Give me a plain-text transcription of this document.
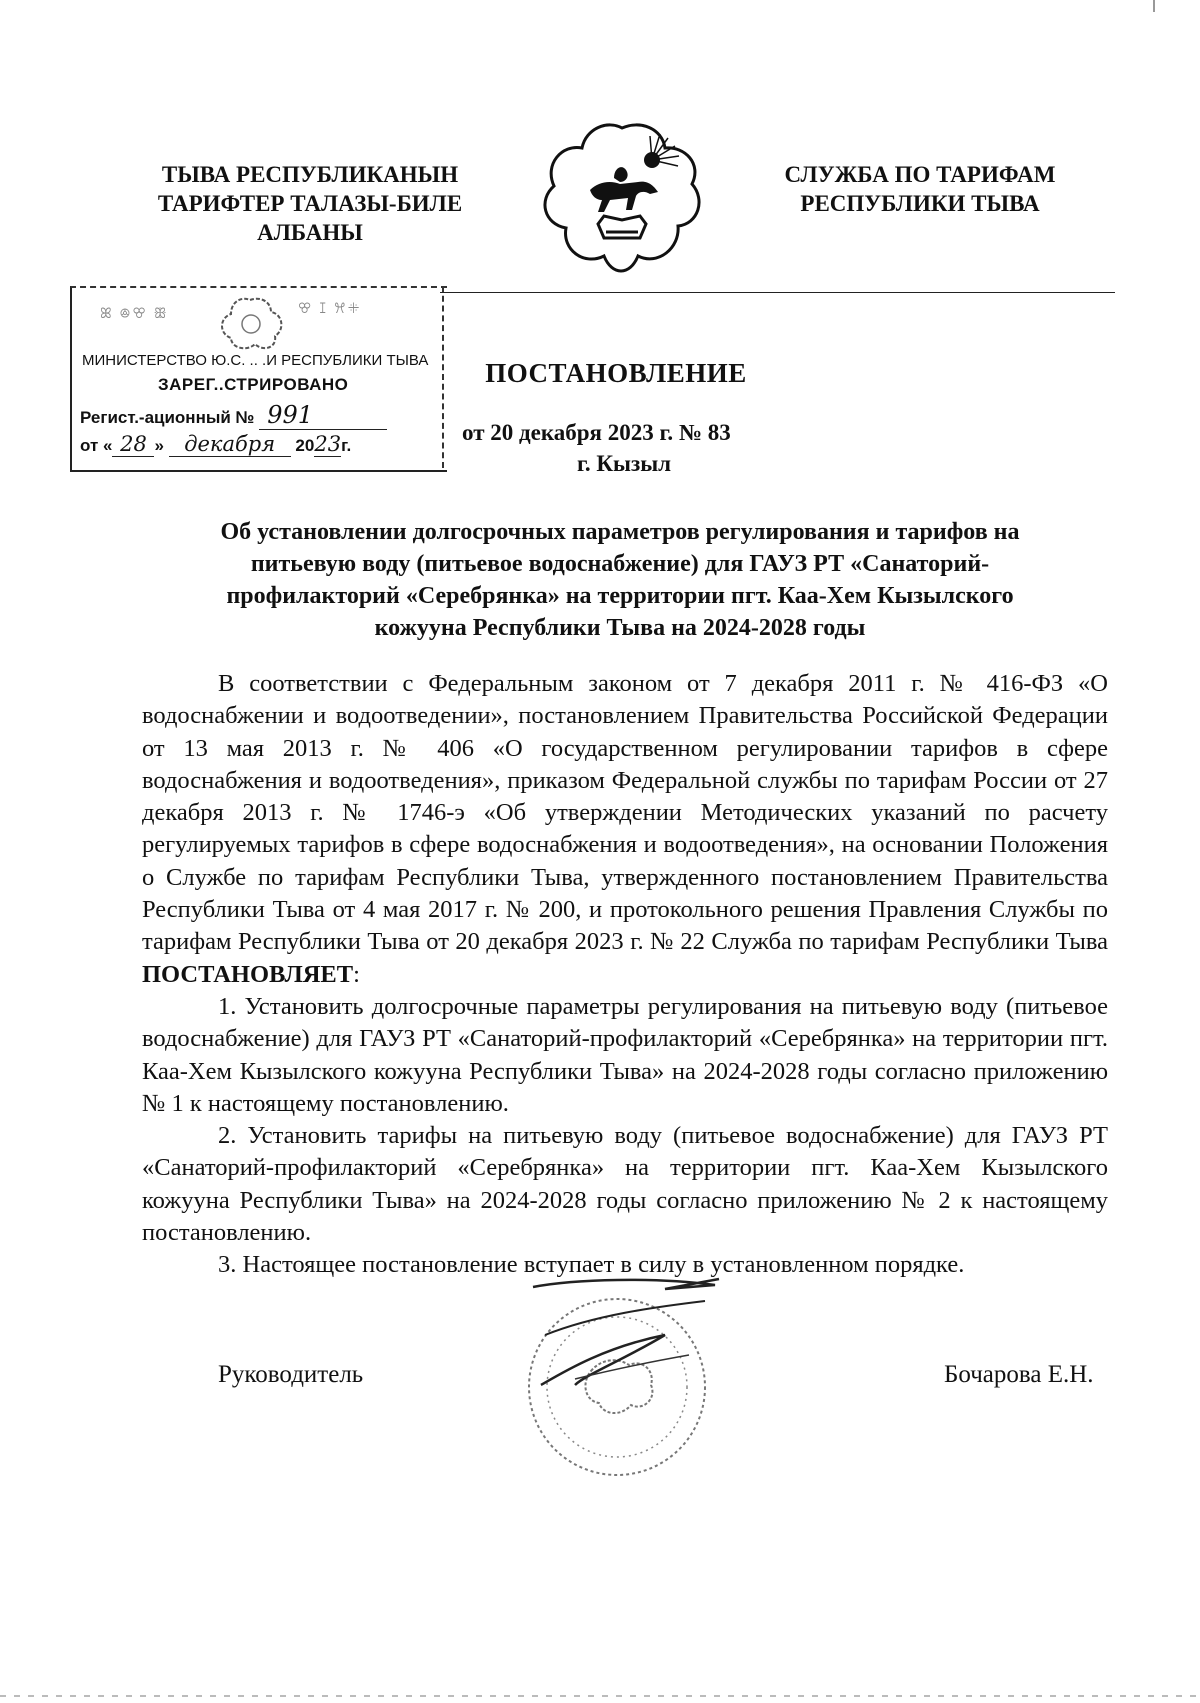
ТЫВА РЕСПУБЛИКАНЫН
ТАРИФТЕР ТАЛАЗЫ-БИЛЕ
АЛБАНЫ
СЛУЖБА ПО ТАРИФАМ
РЕСПУБЛИКИ ТЫВА
ꕤ ꔮꕢ ꕥ	ꕢ ꕯ ꕮꔰ
МИНИСТЕРСТВО Ю.С. .. .И РЕСПУБЛИКИ ТЫВА
ЗАРЕГ..СТРИРОВАНО
Регист.-ационный № 991
от « 28 » декабря 2023г.
ПОСТАНОВЛЕНИЕ
от 20 декабря 2023 г. № 83
г. Кызыл
Об установлении долгосрочных параметров регулирования и тарифов на
питьевую воду (питьевое водоснабжение) для ГАУЗ РТ «Санаторий-
профилакторий «Серебрянка» на территории пгт. Каа-Хем Кызылского
кожууна Республики Тыва на 2024-2028 годы

В соответствии с Федеральным законом от 7 декабря 2011 г. № 416-ФЗ «О водоснабжении и водоотведении», постановлением Правительства Российской Федерации от 13 мая 2013 г. № 406 «О государственном регулировании тарифов в сфере водоснабжения и водоотведения», приказом Федеральной службы по тарифам России от 27 декабря 2013 г. № 1746-э «Об утверждении Методических указаний по расчету регулируемых тарифов в сфере водоснабжения и водоотведения», на основании Положения о Службе по тарифам Республики Тыва, утвержденного постановлением Правительства Республики Тыва от 4 мая 2017 г. № 200, и протокольного решения Правления Службы по тарифам Республики Тыва от 20 декабря 2023 г. № 22 Служба по тарифам Республики Тыва ПОСТАНОВЛЯЕТ:

1. Установить долгосрочные параметры регулирования на питьевую воду (питьевое водоснабжение) для ГАУЗ РТ «Санаторий-профилакторий «Серебрянка» на территории пгт. Каа-Хем Кызылского кожууна Республики Тыва» на 2024-2028 годы согласно приложению № 1 к настоящему постановлению.

2. Установить тарифы на питьевую воду (питьевое водоснабжение) для ГАУЗ РТ «Санаторий-профилакторий «Серебрянка» на территории пгт. Каа-Хем Кызылского кожууна Республики Тыва» на 2024-2028 годы согласно приложению № 2 к настоящему постановлению.

3. Настоящее постановление вступает в силу в установленном порядке.

Руководитель	Бочарова Е.Н.
